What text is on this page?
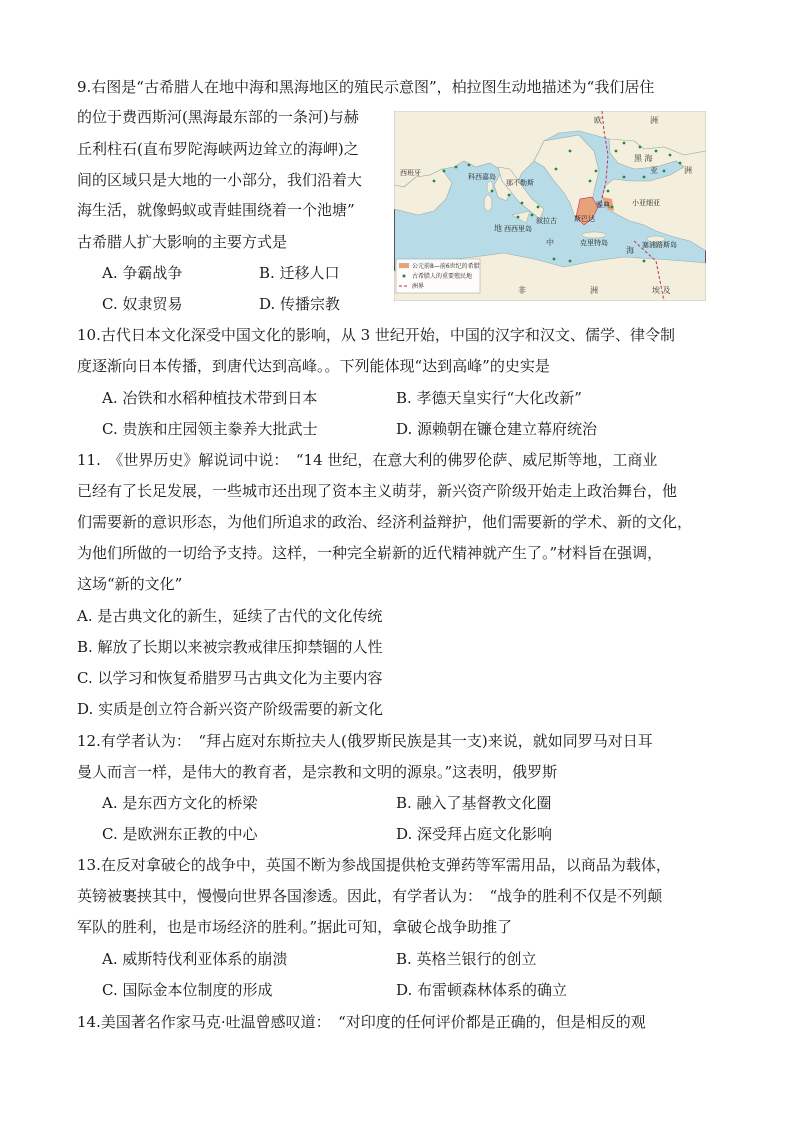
9.右图是“古希腊人在地中海和黑海地区的殖民示意图”，柏拉图生动地描述为“我们居住
的位于费西斯河(黑海最东部的一条河)与赫
丘利柱石(直布罗陀海峡两边耸立的海岬)之
间的区域只是大地的一小部分，我们沿着大
海生活，就像蚂蚁或青蛙围绕着一个池塘”
古希腊人扩大影响的主要方式是
A. 争霸战争	B. 迁移人口
C. 奴隶贸易	D. 传播宗教
欧	洲
亚	洲
非	洲
黑 海
地
中
海
埃 及
西班牙	科西嘉岛
那不勒斯
西西里岛
叙拉古
雅典
斯巴达
克里特岛
小亚细亚
塞浦路斯岛
公元前8—前6世纪的希腊
古希腊人的重要殖民地
洲界
10.古代日本文化深受中国文化的影响，从 3 世纪开始，中国的汉字和汉文、儒学、律令制
度逐渐向日本传播，到唐代达到高峰。。下列能体现“达到高峰”的史实是
A. 冶铁和水稻种植技术带到日本	B. 孝德天皇实行“大化改新”
C. 贵族和庄园领主豢养大批武士	D. 源赖朝在镰仓建立幕府统治
11.　《世界历史》解说词中说：　“14 世纪，在意大利的佛罗伦萨、威尼斯等地，工商业
已经有了长足发展，一些城市还出现了资本主义萌芽，新兴资产阶级开始走上政治舞台，他
们需要新的意识形态，为他们所追求的政治、经济利益辩护，他们需要新的学术、新的文化，
为他们所做的一切给予支持。这样，一种完全崭新的近代精神就产生了。”材料旨在强调，
这场“新的文化”
A. 是古典文化的新生，延续了古代的文化传统
B. 解放了长期以来被宗教戒律压抑禁锢的人性
C. 以学习和恢复希腊罗马古典文化为主要内容
D. 实质是创立符合新兴资产阶级需要的新文化
12.有学者认为：　“拜占庭对东斯拉夫人(俄罗斯民族是其一支)来说，就如同罗马对日耳
曼人而言一样，是伟大的教育者，是宗教和文明的源泉。”这表明，俄罗斯
A. 是东西方文化的桥梁	B. 融入了基督教文化圈
C. 是欧洲东正教的中心	D. 深受拜占庭文化影响
13.在反对拿破仑的战争中，英国不断为参战国提供枪支弹药等军需用品，以商品为载体，
英镑被裹挟其中，慢慢向世界各国渗透。因此，有学者认为：　“战争的胜利不仅是不列颠
军队的胜利，也是市场经济的胜利。”据此可知，拿破仑战争助推了
A. 威斯特伐利亚体系的崩溃	B. 英格兰银行的创立
C. 国际金本位制度的形成	D. 布雷顿森林体系的确立
14.美国著名作家马克·吐温曾感叹道：　“对印度的任何评价都是正确的，但是相反的观
